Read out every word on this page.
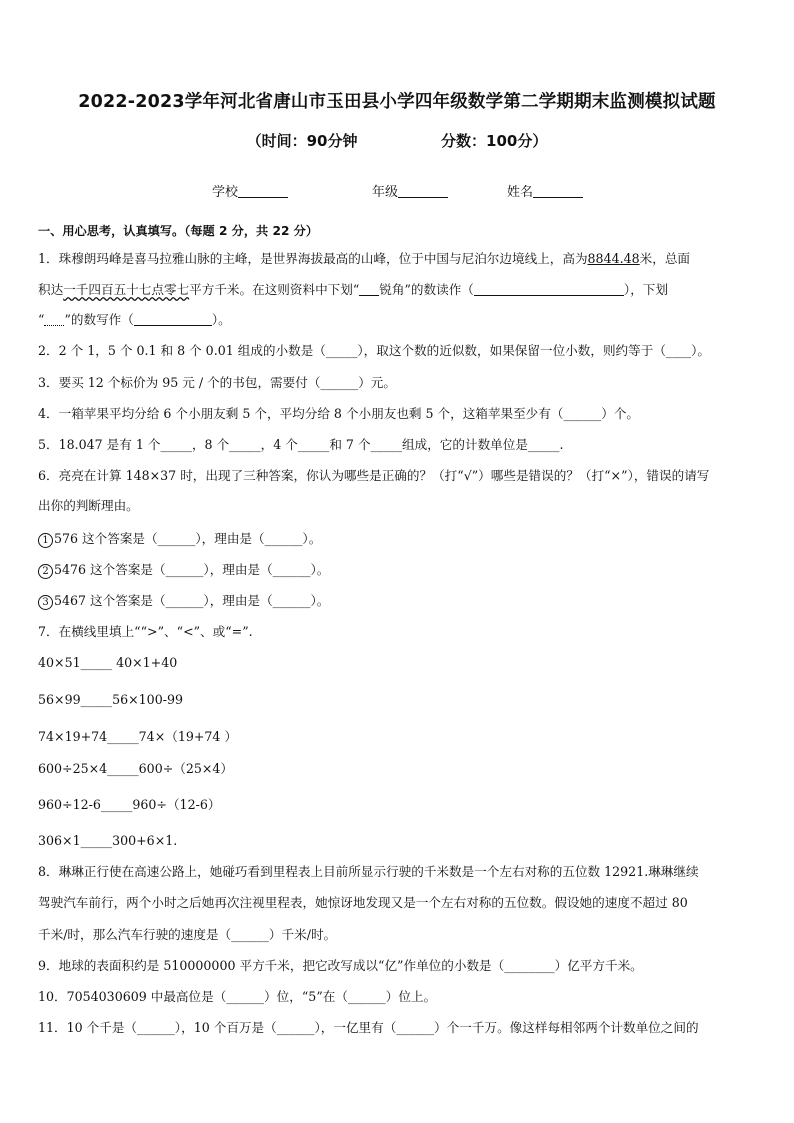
2022-2023学年河北省唐山市玉田县小学四年级数学第二学期期末监测模拟试题
（时间：90分钟                分数：100分）
学校	年级	姓名
一、用心思考，认真填写。（每题 2 分，共 22 分）
1．珠穆朗玛峰是喜马拉雅山脉的主峰，是世界海拔最高的山峰，位于中国与尼泊尔边境线上，高为8844.48米，总面
积达一千四百五十七点零七平方千米。在这则资料中下划“ 锐角”的数读作（	），下划
“ ”的数写作（	）。
2．2 个 1，5 个 0.1 和 8 个 0.01 组成的小数是（_____），取这个数的近似数，如果保留一位小数，则约等于（____）。
3．要买 12 个标价为 95 元 / 个的书包，需要付（______）元。
4．一箱苹果平均分给 6 个小朋友剩 5 个，平均分给 8 个小朋友也剩 5 个，这箱苹果至少有（______）个。
5．18.047 是有 1 个_____，8 个_____，4 个_____和 7 个_____组成，它的计数单位是_____.
6．亮亮在计算 148×37 时，出现了三种答案，你认为哪些是正确的？（打“√”）哪些是错误的？（打“×”），错误的请写
出你的判断理由。
1 576 这个答案是（______），理由是（______）。
2 5476 这个答案是（______），理由是（______）。
3 5467 这个答案是（______），理由是（______）。
7．在横线里填上““>”、“<”、或“=”.
40×51_____ 40×1+40
56×99_____56×100-99
74×19+74_____74×（19+74 ）
600÷25×4_____600÷（25×4）
960÷12-6_____960÷（12-6）
306×1_____300+6×1.
8．琳琳正行使在高速公路上，她碰巧看到里程表上目前所显示行驶的千米数是一个左右对称的五位数 12921.琳琳继续
驾驶汽车前行，两个小时之后她再次注视里程表，她惊讶地发现又是一个左右对称的五位数。假设她的速度不超过 80
千米/时，那么汽车行驶的速度是（______）千米/时。
9．地球的表面积约是 510000000 平方千米，把它改写成以“亿”作单位的小数是（________）亿平方千米。
10．7054030609 中最高位是（______）位，“5”在（______）位上。
11．10 个千是（______），10 个百万是（______），一亿里有（______）个一千万。像这样每相邻两个计数单位之间的
